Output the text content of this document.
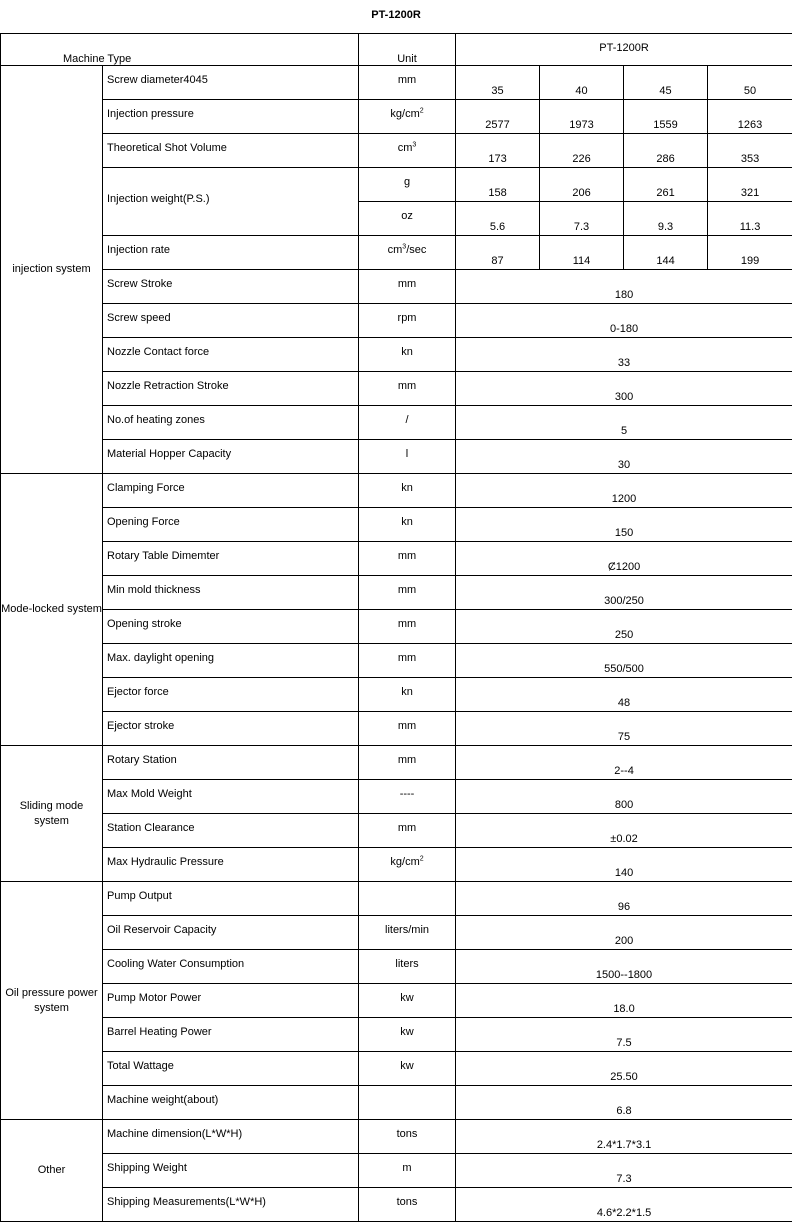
PT-1200R
Machine Type		Unit	PT-1200R			
injection system	Screw diameter4045	mm	35	40	45	50
	Injection pressure	$kg/cm^2$	2577	1973	1559	1263
	Theoretical Shot Volume	$cm^3$	173	226	286	353
	Injection weight(P.S.)	g	158	206	261	321
		oz	5.6	7.3	9.3	11.3
	Injection rate	$cm^3/\sec$	87	114	144	199
	Screw Stroke	mm	180			
	Screw speed	rpm	0-180			
	Nozzle Contact force	kn	33			
	Nozzle Retraction Stroke	mm	300			
	No.of heating zones	/	5			
	Material Hopper Capacity	l	30			
Mode-locked system	Clamping Force	kn	1200			
	Opening Force	kn	150			
	Rotary Table Dimemter	mm	Ȼ1200			
	Min mold thickness	mm	300/250			
	Opening stroke	mm	250			
	Max. daylight opening	mm	550/500			
	Ejector force	kn	48			
	Ejector stroke	mm	75			
Sliding mode system	Rotary Station	mm	2--4			
	Max Mold Weight	----	800			
	Station Clearance	mm	±0.02			
	Max Hydraulic Pressure	$kg/cm^2$	140			
Oil pressure power system	Pump Output		96			
	Oil Reservoir Capacity	liters/min	200			
	Cooling Water Consumption	liters	1500--1800			
	Pump Motor Power	kw	18.0			
	Barrel Heating Power	kw	7.5			
	Total Wattage	kw	25.50			
	Machine weight(about)		6.8			
Other	Machine dimension(L*W*H)	tons	2.4*1.7*3.1			
	Shipping Weight	m	7.3			
	Shipping Measurements(L*W*H)	tons	4.6*2.2*1.5			
